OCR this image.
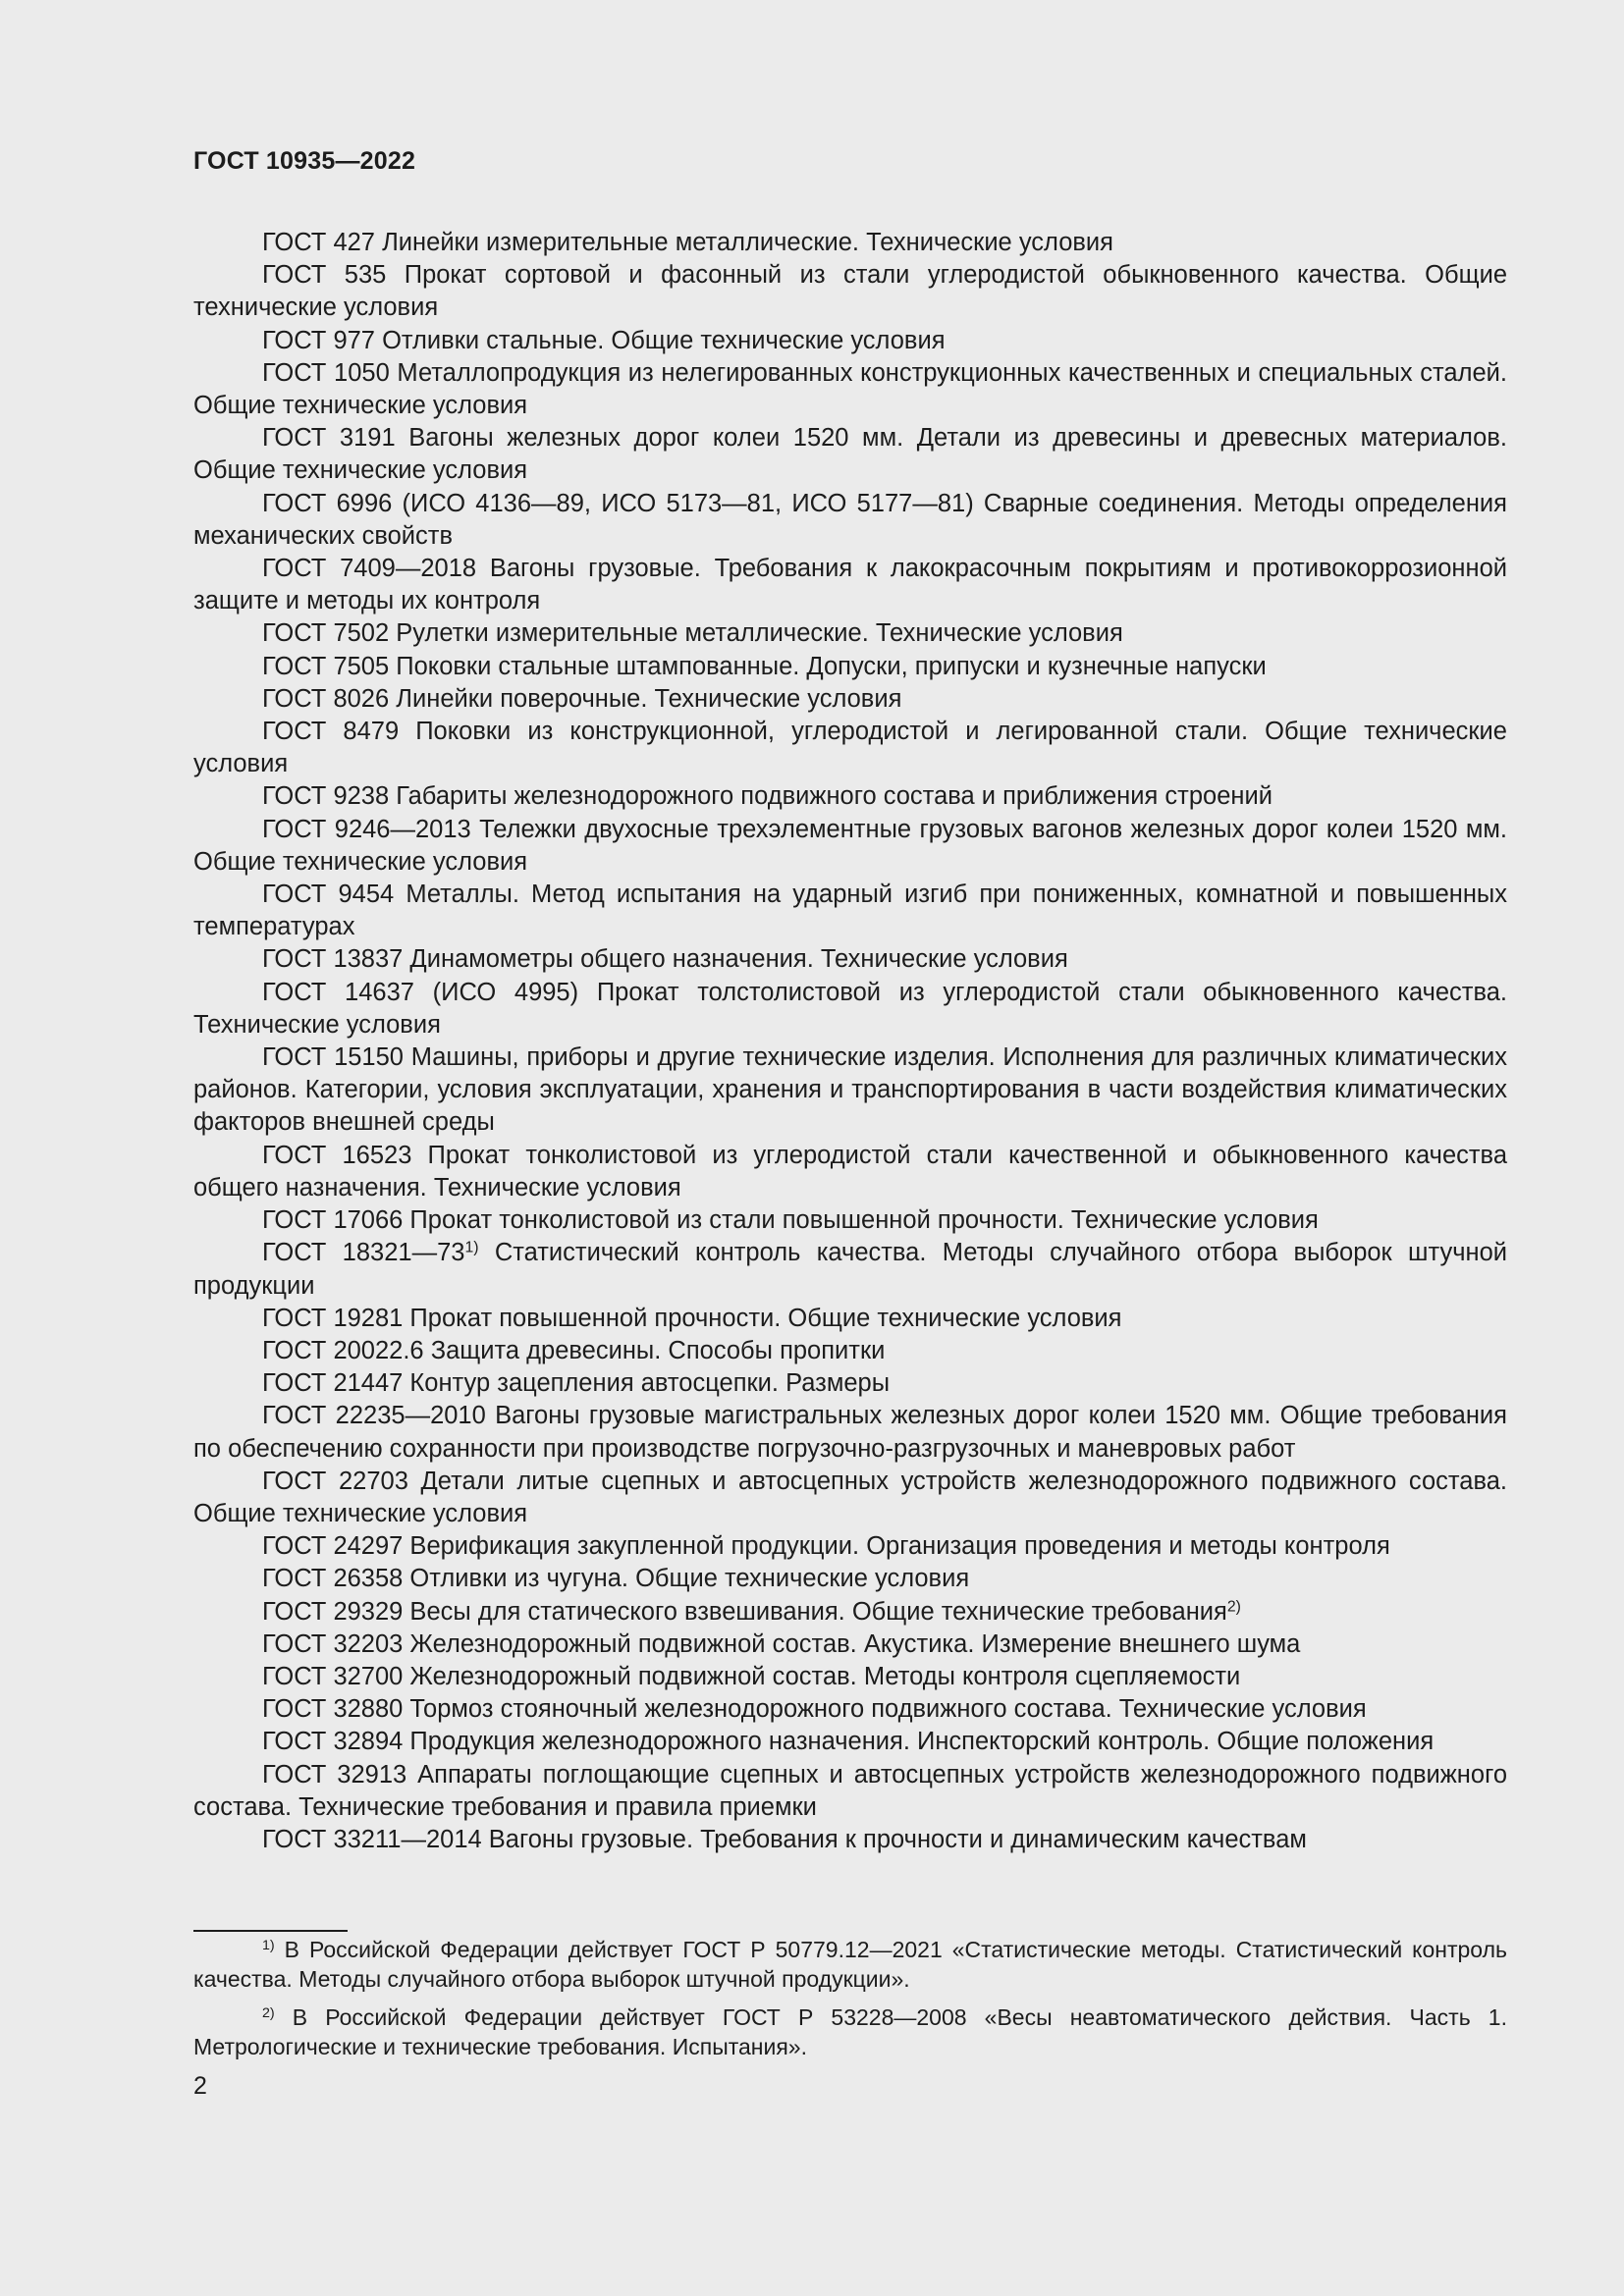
ГОСТ 10935—2022

ГОСТ 427 Линейки измерительные металлические. Технические условия

ГОСТ 535 Прокат сортовой и фасонный из стали углеродистой обыкновенного качества. Общие технические условия

ГОСТ 977 Отливки стальные. Общие технические условия

ГОСТ 1050 Металлопродукция из нелегированных конструкционных качественных и специальных сталей. Общие технические условия

ГОСТ 3191 Вагоны железных дорог колеи 1520 мм. Детали из древесины и древесных материалов. Общие технические условия

ГОСТ 6996 (ИСО 4136—89, ИСО 5173—81, ИСО 5177—81) Сварные соединения. Методы определения механических свойств

ГОСТ 7409—2018 Вагоны грузовые. Требования к лакокрасочным покрытиям и противокоррозионной защите и методы их контроля

ГОСТ 7502 Рулетки измерительные металлические. Технические условия

ГОСТ 7505 Поковки стальные штампованные. Допуски, припуски и кузнечные напуски

ГОСТ 8026 Линейки поверочные. Технические условия

ГОСТ 8479 Поковки из конструкционной, углеродистой и легированной стали. Общие технические условия

ГОСТ 9238 Габариты железнодорожного подвижного состава и приближения строений

ГОСТ 9246—2013 Тележки двухосные трехэлементные грузовых вагонов железных дорог колеи 1520 мм. Общие технические условия

ГОСТ 9454 Металлы. Метод испытания на ударный изгиб при пониженных, комнатной и повышенных температурах

ГОСТ 13837 Динамометры общего назначения. Технические условия

ГОСТ 14637 (ИСО 4995) Прокат толстолистовой из углеродистой стали обыкновенного качества. Технические условия

ГОСТ 15150 Машины, приборы и другие технические изделия. Исполнения для различных климатических районов. Категории, условия эксплуатации, хранения и транспортирования в части воздействия климатических факторов внешней среды

ГОСТ 16523 Прокат тонколистовой из углеродистой стали качественной и обыкновенного качества общего назначения. Технические условия

ГОСТ 17066 Прокат тонколистовой из стали повышенной прочности. Технические условия

ГОСТ 18321—73$^{1)}$ Статистический контроль качества. Методы случайного отбора выборок штучной продукции

ГОСТ 19281 Прокат повышенной прочности. Общие технические условия

ГОСТ 20022.6 Защита древесины. Способы пропитки

ГОСТ 21447 Контур зацепления автосцепки. Размеры

ГОСТ 22235—2010 Вагоны грузовые магистральных железных дорог колеи 1520 мм. Общие требования по обеспечению сохранности при производстве погрузочно-разгрузочных и маневровых работ

ГОСТ 22703 Детали литые сцепных и автосцепных устройств железнодорожного подвижного состава. Общие технические условия

ГОСТ 24297 Верификация закупленной продукции. Организация проведения и методы контроля

ГОСТ 26358 Отливки из чугуна. Общие технические условия

ГОСТ 29329 Весы для статического взвешивания. Общие технические требования$^{2)}$

ГОСТ 32203 Железнодорожный подвижной состав. Акустика. Измерение внешнего шума

ГОСТ 32700 Железнодорожный подвижной состав. Методы контроля сцепляемости

ГОСТ 32880 Тормоз стояночный железнодорожного подвижного состава. Технические условия

ГОСТ 32894 Продукция железнодорожного назначения. Инспекторский контроль. Общие положения

ГОСТ 32913 Аппараты поглощающие сцепных и автосцепных устройств железнодорожного подвижного состава. Технические требования и правила приемки

ГОСТ 33211—2014 Вагоны грузовые. Требования к прочности и динамическим качествам

$^{1)}$ В Российской Федерации действует ГОСТ Р 50779.12—2021 «Статистические методы. Статистический контроль качества. Методы случайного отбора выборок штучной продукции».

$^{2)}$ В Российской Федерации действует ГОСТ Р 53228—2008 «Весы неавтоматического действия. Часть 1. Метрологические и технические требования. Испытания».

2
